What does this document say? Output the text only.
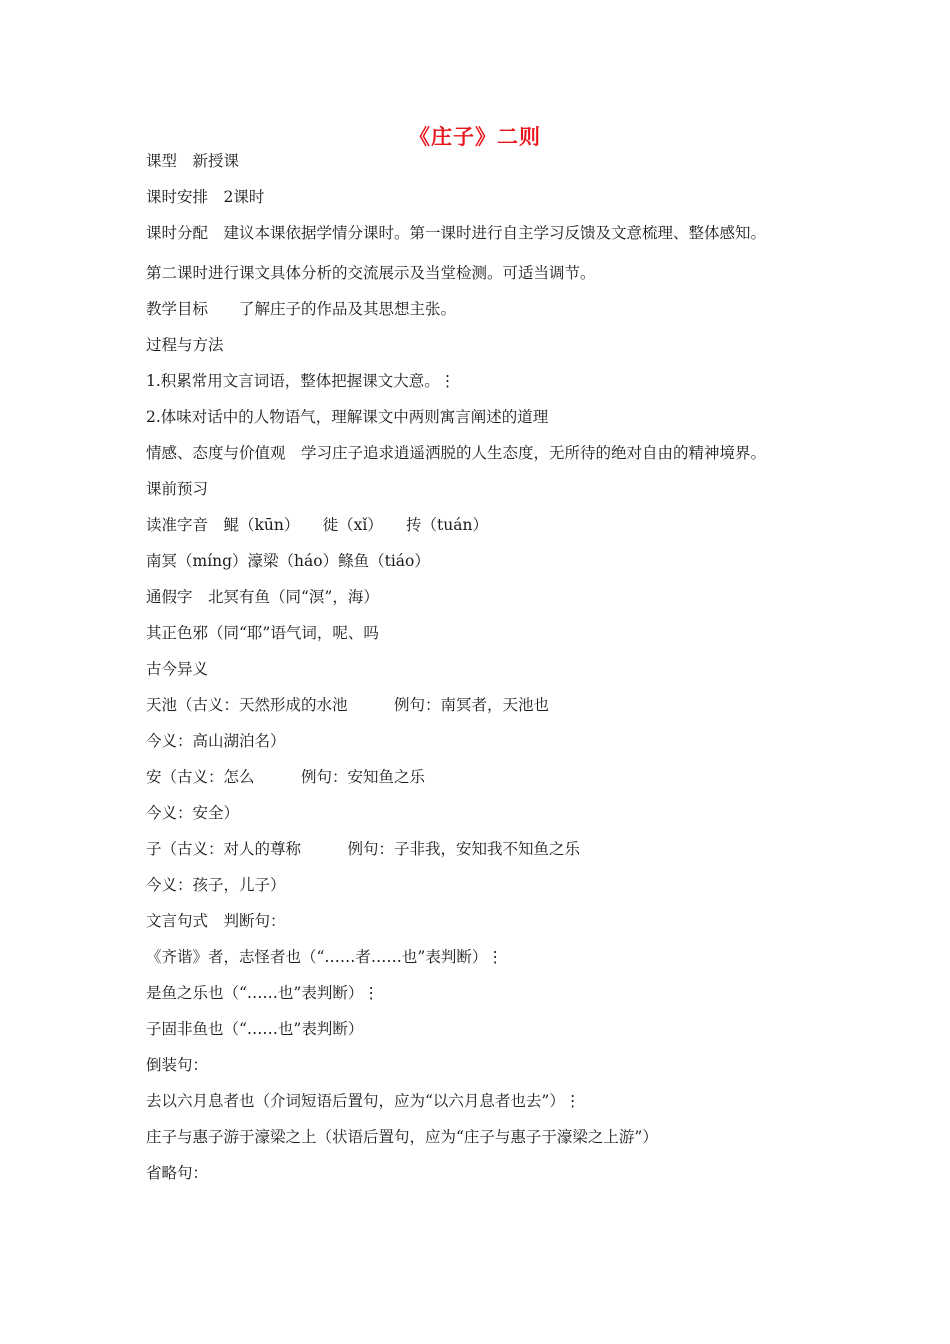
《庄子》二则
课型　新授课
课时安排　2课时
课时分配　建议本课依据学情分课时。第一课时进行自主学习反馈及文意梳理、整体感知。
第二课时进行课文具体分析的交流展示及当堂检测。可适当调节。
教学目标　　了解庄子的作品及其思想主张。
过程与方法
1.积累常用文言词语，整体把握课文大意。⋮
2.体味对话中的人物语气，理解课文中两则寓言阐述的道理
情感、态度与价值观　学习庄子追求逍遥洒脱的人生态度，无所待的绝对自由的精神境界。
课前预习
读准字音　鲲（kūn）　　徙（xǐ）　　抟（tuán）
南冥（míng）濠梁（háo）鲦鱼（tiáo）
通假字　北冥有鱼（同“溟”，海）
其正色邪（同“耶”语气词，呢、吗
古今异义
天池（古义：天然形成的水池　　　例句：南冥者，天池也
今义：高山湖泊名）
安（古义：怎么　　　例句：安知鱼之乐
今义：安全）
子（古义：对人的尊称　　　例句：子非我，安知我不知鱼之乐
今义：孩子，儿子）
文言句式　判断句：
《齐谐》者，志怪者也（“……者……也”表判断）⋮
是鱼之乐也（“……也”表判断）⋮
子固非鱼也（“……也”表判断）
倒装句：
去以六月息者也（介词短语后置句，应为“以六月息者也去”）⋮
庄子与惠子游于濠梁之上（状语后置句，应为“庄子与惠子于濠梁之上游”）
省略句：
